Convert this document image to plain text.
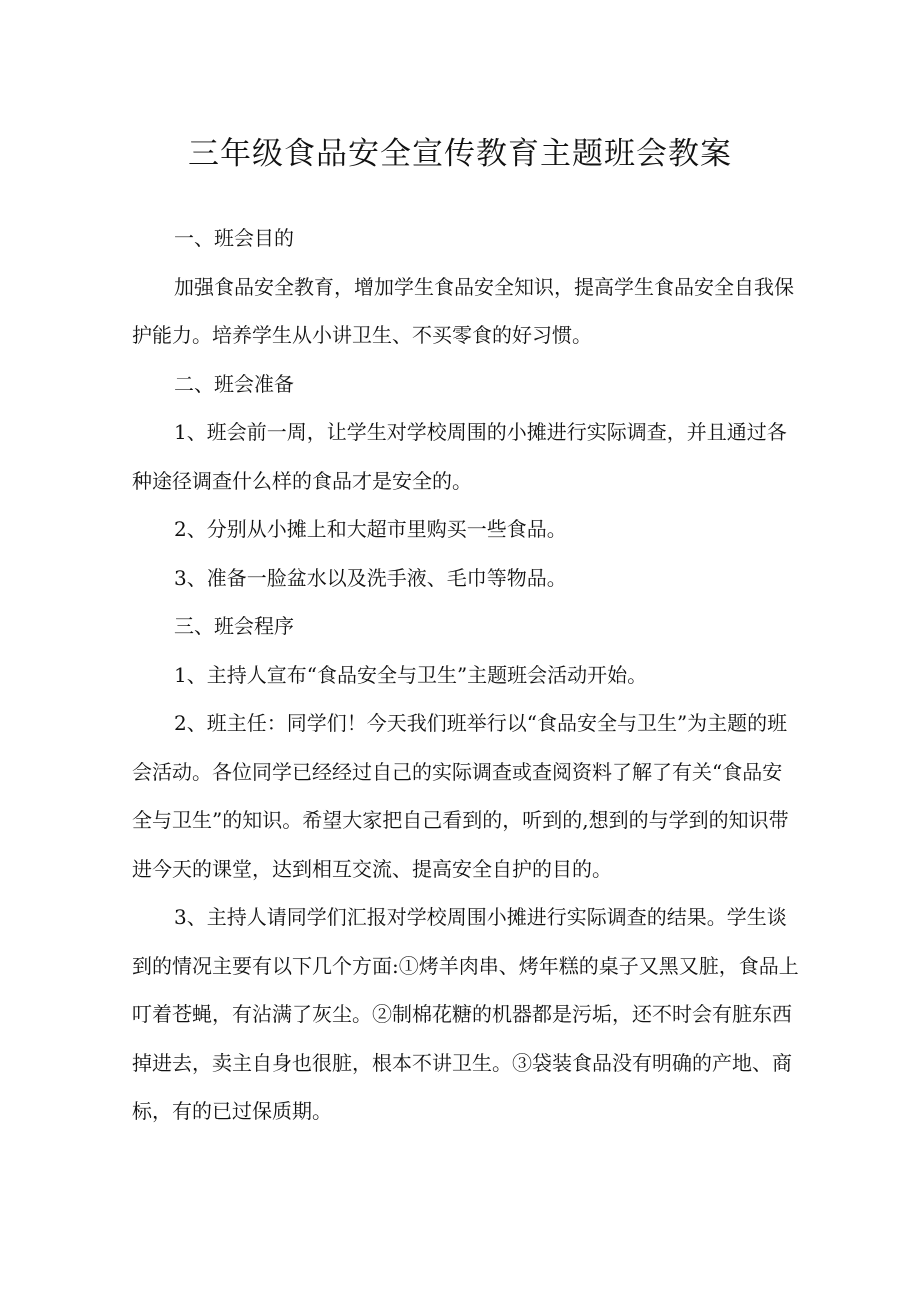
三年级食品安全宣传教育主题班会教案

一、班会目的

加强食品安全教育，增加学生食品安全知识，提高学生食品安全自我保护能力。培养学生从小讲卫生、不买零食的好习惯。

二、班会准备

1、班会前一周，让学生对学校周围的小摊进行实际调查，并且通过各种途径调查什么样的食品才是安全的。

2、分别从小摊上和大超市里购买一些食品。

3、准备一脸盆水以及洗手液、毛巾等物品。

三、班会程序

1、主持人宣布“食品安全与卫生”主题班会活动开始。

2、班主任：同学们！今天我们班举行以“食品安全与卫生”为主题的班会活动。各位同学已经经过自己的实际调查或查阅资料了解了有关“食品安全与卫生”的知识。希望大家把自己看到的，听到的,想到的与学到的知识带进今天的课堂，达到相互交流、提高安全自护的目的。

3、主持人请同学们汇报对学校周围小摊进行实际调查的结果。学生谈到的情况主要有以下几个方面:①烤羊肉串、烤年糕的桌子又黑又脏，食品上叮着苍蝇，有沾满了灰尘。②制棉花糖的机器都是污垢，还不时会有脏东西掉进去，卖主自身也很脏，根本不讲卫生。③袋装食品没有明确的产地、商标，有的已过保质期。
